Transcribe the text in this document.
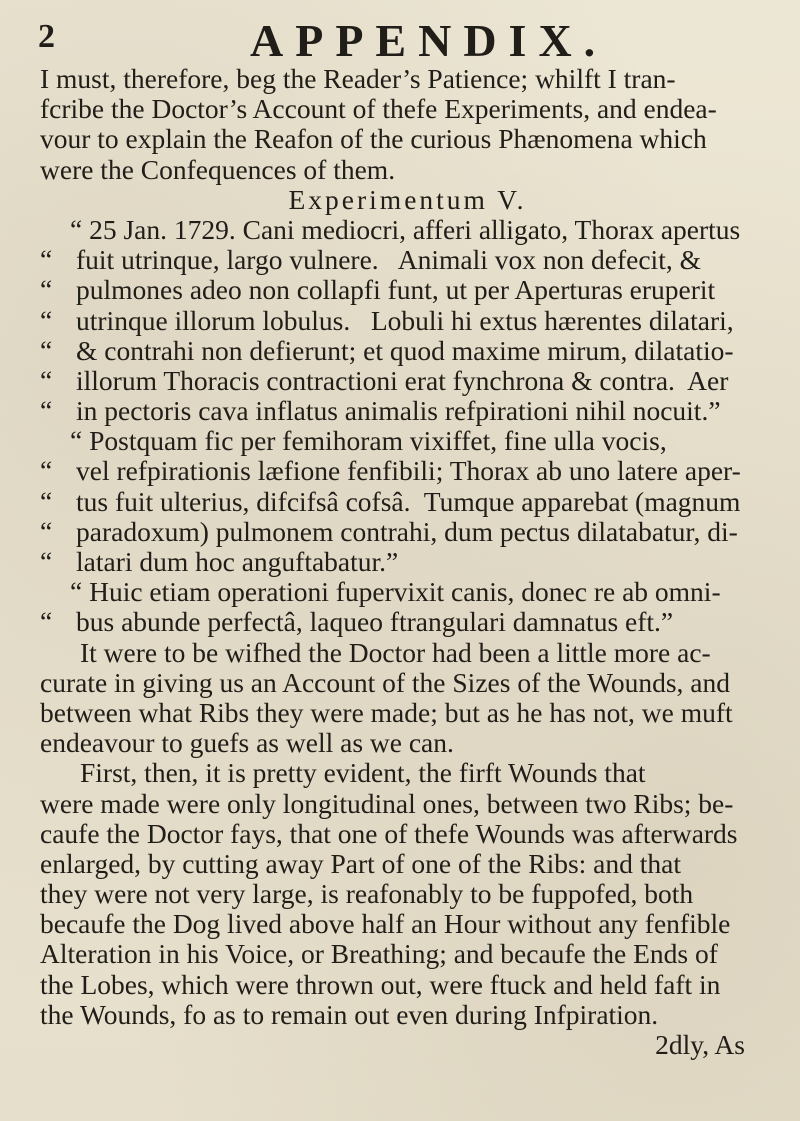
2	APPENDIX.
I must, therefore, beg the Reader’s Patience; whilft I tran-
fcribe the Doctor’s Account of thefe Experiments, and endea-
vour to explain the Reafon of the curious Phænomena which
were the Confequences of them.
Experimentum V.
“ 25 Jan. 1729. Cani mediocri, afferi alligato, Thorax apertus
“ fuit utrinque, largo vulnere.   Animali vox non defecit, &
“ pulmones adeo non collapfi funt, ut per Aperturas eruperit
“ utrinque illorum lobulus.   Lobuli hi extus hærentes dilatari,
“ & contrahi non defierunt; et quod maxime mirum, dilatatio-
“ illorum Thoracis contractioni erat fynchrona & contra.  Aer
“ in pectoris cava inflatus animalis refpirationi nihil nocuit.”
“ Postquam fic per femihoram vixiffet, fine ulla vocis,
“ vel refpirationis læfione fenfibili; Thorax ab uno latere aper-
“ tus fuit ulterius, difcifsâ cofsâ.  Tumque apparebat (magnum
“ paradoxum) pulmonem contrahi, dum pectus dilatabatur, di-
“ latari dum hoc anguftabatur.”
“ Huic etiam operationi fupervixit canis, donec re ab omni-
“ bus abunde perfectâ, laqueo ftrangulari damnatus eft.”
It were to be wifhed the Doctor had been a little more ac-
curate in giving us an Account of the Sizes of the Wounds, and
between what Ribs they were made; but as he has not, we muft
endeavour to guefs as well as we can.
First, then, it is pretty evident, the firft Wounds that
were made were only longitudinal ones, between two Ribs; be-
caufe the Doctor fays, that one of thefe Wounds was afterwards
enlarged, by cutting away Part of one of the Ribs: and that
they were not very large, is reafonably to be fuppofed, both
becaufe the Dog lived above half an Hour without any fenfible
Alteration in his Voice, or Breathing; and becaufe the Ends of
the Lobes, which were thrown out, were ftuck and held faft in
the Wounds, fo as to remain out even during Infpiration.
2dly, As
